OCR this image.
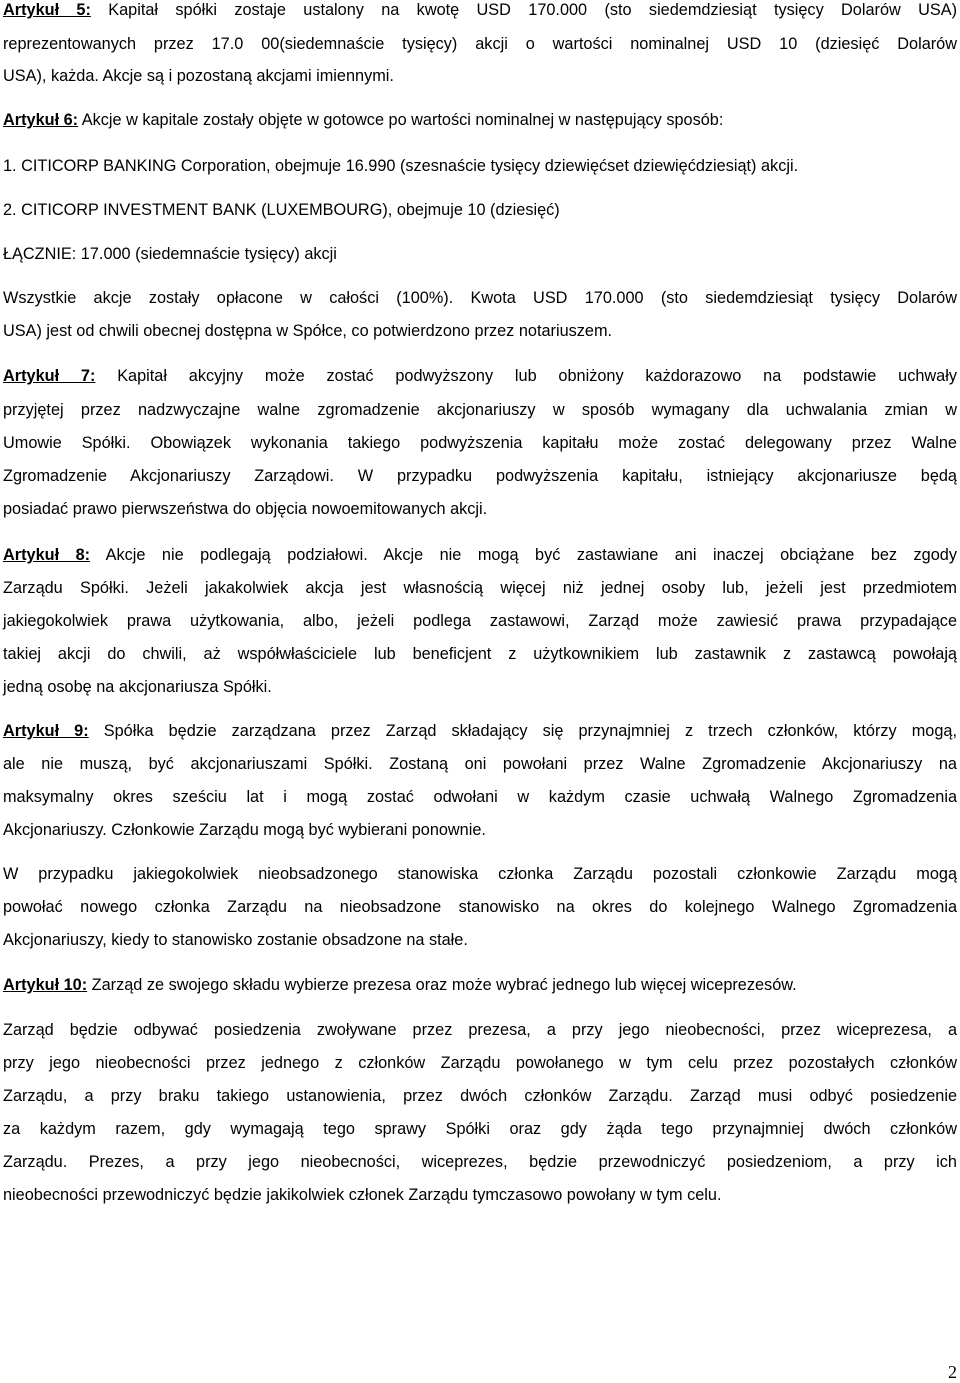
Artykuł 5: Kapitał spółki zostaje ustalony na kwotę USD 170.000 (sto siedemdziesiąt tysięcy Dolarów USA)
reprezentowanych przez 17.0 00(siedemnaście tysięcy) akcji o wartości nominalnej USD 10 (dziesięć Dolarów
USA), każda. Akcje są i pozostaną akcjami imiennymi.
Artykuł 6: Akcje w kapitale zostały objęte w gotowce po wartości nominalnej w następujący sposób:
1. CITICORP BANKING Corporation, obejmuje 16.990 (szesnaście tysięcy dziewięćset dziewięćdziesiąt) akcji.
2. CITICORP INVESTMENT BANK (LUXEMBOURG), obejmuje 10 (dziesięć)
ŁĄCZNIE: 17.000 (siedemnaście tysięcy) akcji
Wszystkie akcje zostały opłacone w całości (100%). Kwota USD 170.000 (sto siedemdziesiąt tysięcy Dolarów
USA) jest od chwili obecnej dostępna w Spółce, co potwierdzono przez notariuszem.
Artykuł 7: Kapitał akcyjny może zostać podwyższony lub obniżony każdorazowo na podstawie uchwały
przyjętej przez nadzwyczajne walne zgromadzenie akcjonariuszy w sposób wymagany dla uchwalania zmian w
Umowie Spółki. Obowiązek wykonania takiego podwyższenia kapitału może zostać delegowany przez Walne
Zgromadzenie Akcjonariuszy Zarządowi. W przypadku podwyższenia kapitału, istniejący akcjonariusze będą
posiadać prawo pierwszeństwa do objęcia nowoemitowanych akcji.
Artykuł 8: Akcje nie podlegają podziałowi. Akcje nie mogą być zastawiane ani inaczej obciążane bez zgody
Zarządu Spółki. Jeżeli jakakolwiek akcja jest własnością więcej niż jednej osoby lub, jeżeli jest przedmiotem
jakiegokolwiek prawa użytkowania, albo, jeżeli podlega zastawowi, Zarząd może zawiesić prawa przypadające
takiej akcji do chwili, aż współwłaściciele lub beneficjent z użytkownikiem lub zastawnik z zastawcą powołają
jedną osobę na akcjonariusza Spółki.
Artykuł 9: Spółka będzie zarządzana przez Zarząd składający się przynajmniej z trzech członków, którzy mogą,
ale nie muszą, być akcjonariuszami Spółki. Zostaną oni powołani przez Walne Zgromadzenie Akcjonariuszy na
maksymalny okres sześciu lat i mogą zostać odwołani w każdym czasie uchwałą Walnego Zgromadzenia
Akcjonariuszy. Członkowie Zarządu mogą być wybierani ponownie.
W przypadku jakiegokolwiek nieobsadzonego stanowiska członka Zarządu pozostali członkowie Zarządu mogą
powołać nowego członka Zarządu na nieobsadzone stanowisko na okres do kolejnego Walnego Zgromadzenia
Akcjonariuszy, kiedy to stanowisko zostanie obsadzone na stałe.
Artykuł 10: Zarząd ze swojego składu wybierze prezesa oraz może wybrać jednego lub więcej wiceprezesów.
Zarząd będzie odbywać posiedzenia zwoływane przez prezesa, a przy jego nieobecności, przez wiceprezesa, a
przy jego nieobecności przez jednego z członków Zarządu powołanego w tym celu przez pozostałych członków
Zarządu, a przy braku takiego ustanowienia, przez dwóch członków Zarządu. Zarząd musi odbyć posiedzenie
za każdym razem, gdy wymagają tego sprawy Spółki oraz gdy żąda tego przynajmniej dwóch członków
Zarządu. Prezes, a przy jego nieobecności, wiceprezes, będzie przewodniczyć posiedzeniom, a przy ich
nieobecności przewodniczyć będzie jakikolwiek członek Zarządu tymczasowo powołany w tym celu.
2
